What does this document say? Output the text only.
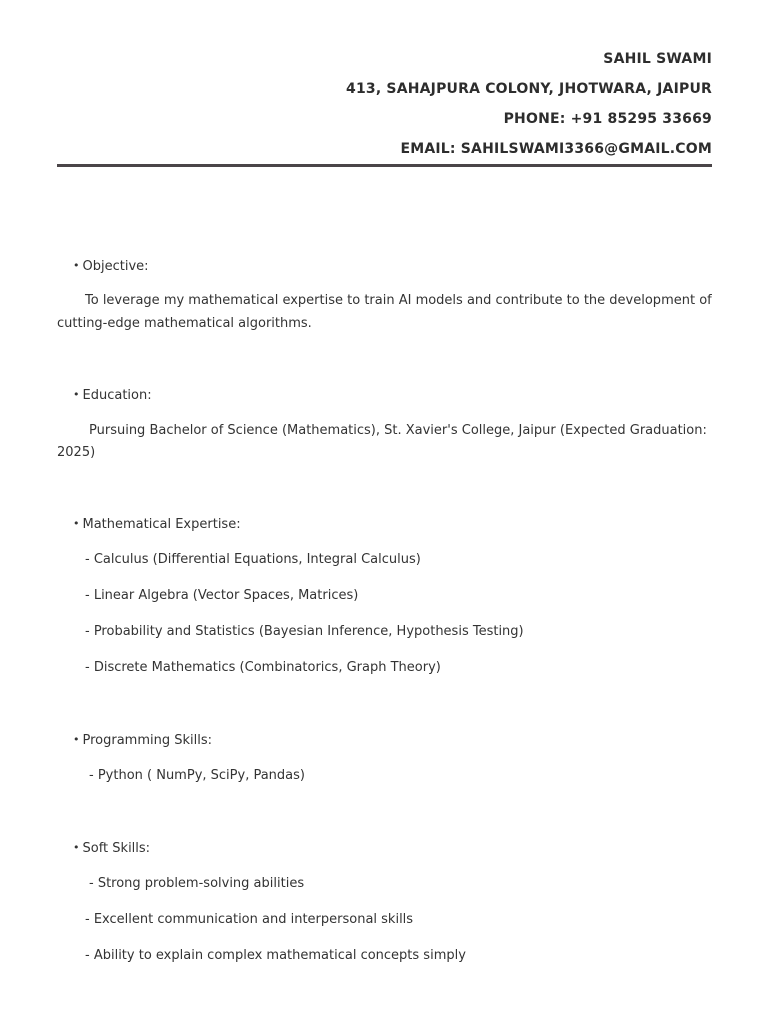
SAHIL SWAMI
413, SAHAJPURA COLONY, JHOTWARA, JAIPUR
PHONE: +91 85295 33669
EMAIL: SAHILSWAMI3366@GMAIL.COM
• Objective:
To leverage my mathematical expertise to train AI models and contribute to the development of
cutting-edge mathematical algorithms.
• Education:
Pursuing Bachelor of Science (Mathematics), St. Xavier's College, Jaipur (Expected Graduation:
2025)
• Mathematical Expertise:
- Calculus (Differential Equations, Integral Calculus)
- Linear Algebra (Vector Spaces, Matrices)
- Probability and Statistics (Bayesian Inference, Hypothesis Testing)
- Discrete Mathematics (Combinatorics, Graph Theory)
• Programming Skills:
- Python ( NumPy, SciPy, Pandas)
• Soft Skills:
- Strong problem-solving abilities
- Excellent communication and interpersonal skills
- Ability to explain complex mathematical concepts simply
